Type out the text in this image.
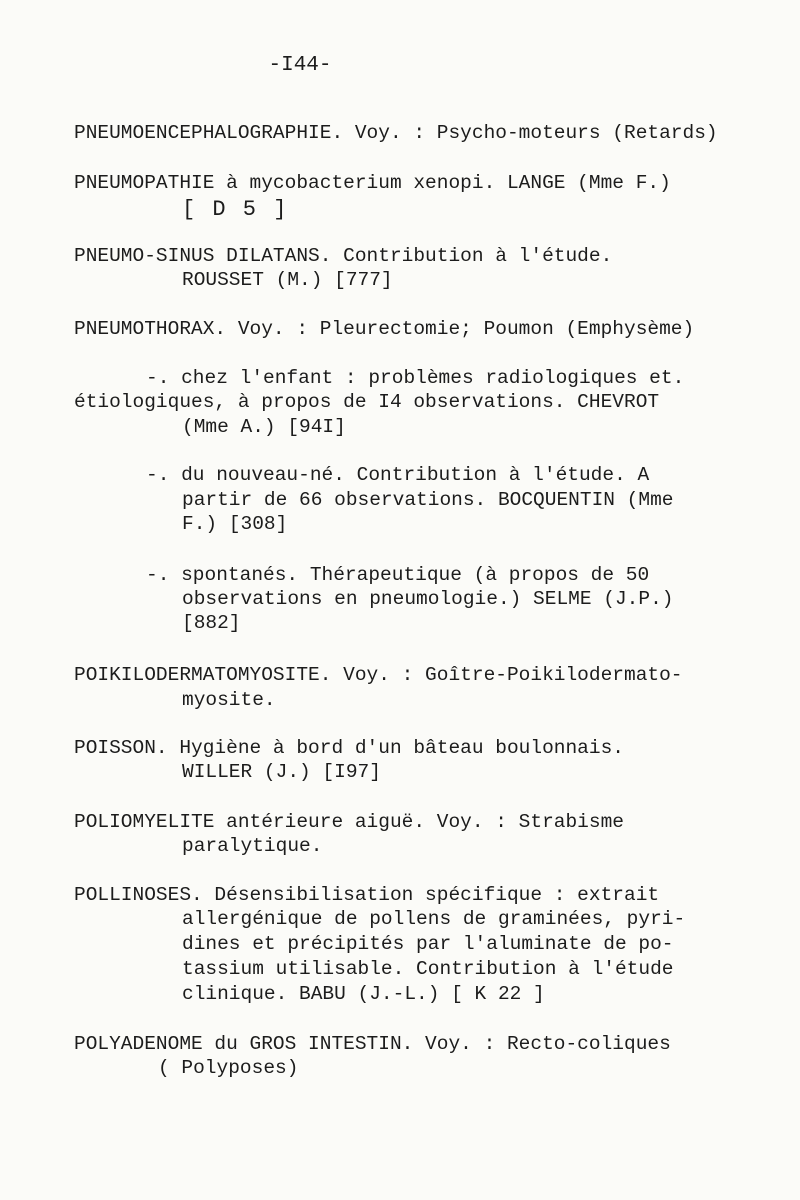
-I44-
PNEUMOENCEPHALOGRAPHIE. Voy. : Psycho-moteurs (Retards)
PNEUMOPATHIE à mycobacterium xenopi. LANGE (Mme F.)
[ D 5 ]
PNEUMO-SINUS DILATANS. Contribution à l'étude.
ROUSSET (M.) [777]
PNEUMOTHORAX. Voy. : Pleurectomie; Poumon (Emphysème)
-. chez l'enfant : problèmes radiologiques et.
étiologiques, à propos de I4 observations. CHEVROT
(Mme A.) [94I]
-. du nouveau-né. Contribution à l'étude. A
partir de 66 observations. BOCQUENTIN (Mme
F.) [308]
-. spontanés. Thérapeutique (à propos de 50
observations en pneumologie.) SELME (J.P.)
[882]
POIKILODERMATOMYOSITE. Voy. : Goître-Poikilodermato-
myosite.
POISSON. Hygiène à bord d'un bâteau boulonnais.
WILLER (J.) [I97]
POLIOMYELITE antérieure aiguë. Voy. : Strabisme
paralytique.
POLLINOSES. Désensibilisation spécifique : extrait
allergénique de pollens de graminées, pyri-
dines et précipités par l'aluminate de po-
tassium utilisable. Contribution à l'étude
clinique. BABU (J.-L.) [ K 22 ]
POLYADENOME du GROS INTESTIN. Voy. : Recto-coliques
( Polyposes)
